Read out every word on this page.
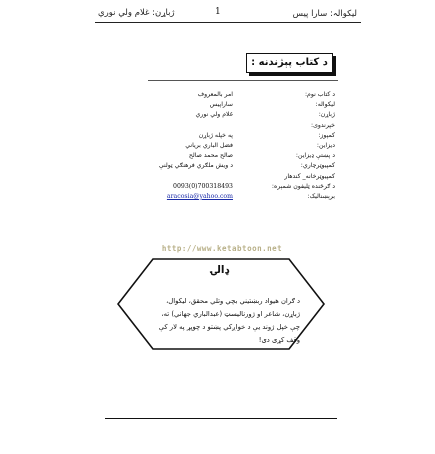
ليكوالہ: سارا پیس
1
ژباړن: غلام ولي نوري
د کتاب پېژندنه :
د کتاب نوم:
امر بالمعروف
ليکواله:
ساراپيس
ژباړن:
غلام ولي نوري
خپرندوی:
کمپوز:
په خپله ژباړن
دیزاین:
فضل الباري برياني
د پښتې ډیزاین:
صالح محمد صالح
کمپيوټرچاري:
د ويش ملګري فرهنګي ټولنې
کمپیوټرخانه_ کندهار
د ګرځنده ټلیفون شمېره:
0093(0)700318493
برېښنالیک:
aracosia@yahoo.com
http://www.ketabtoon.net
ډالۍ
د ګران هیواد ربښتيني بچي وتلي محقق، ليکوال، ژباړن، شاعر او ژورنالیسټ (عبدالباري جهاني) ته، چې خپل ژوند يې د خواږکي پښتو د چوپړ په لار کې وقف کړی دی!
